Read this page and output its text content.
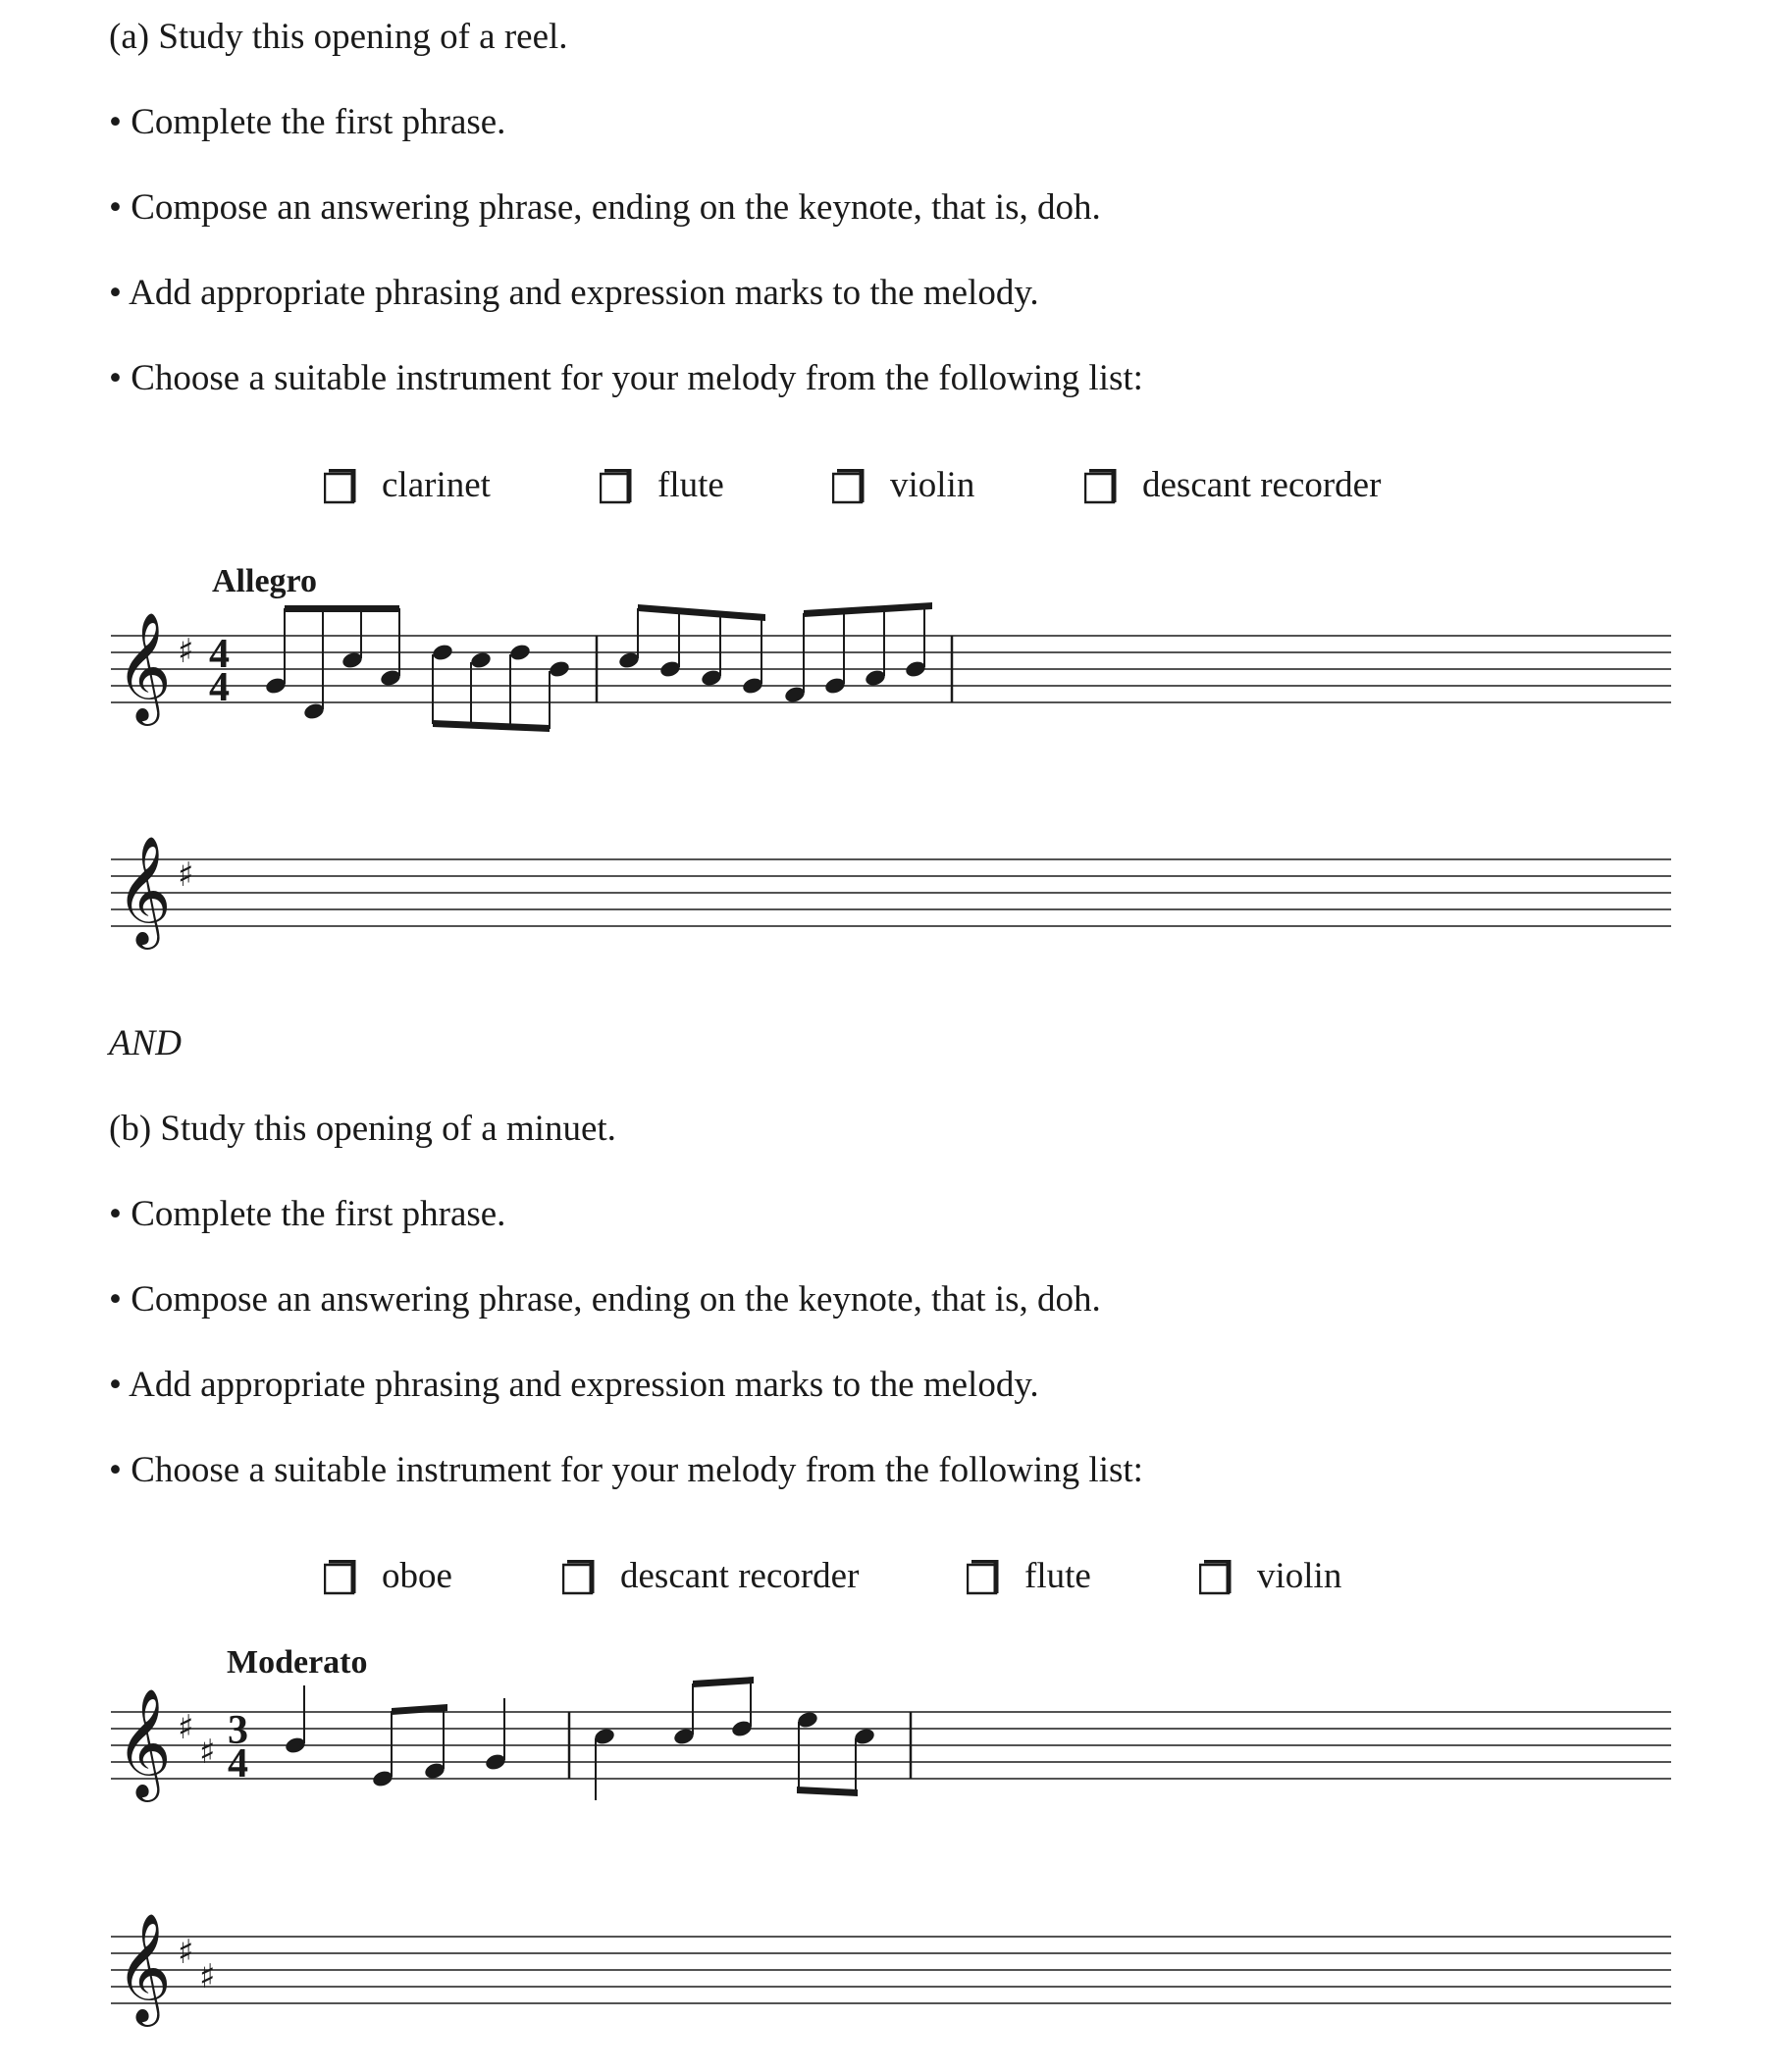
(a) Study this opening of a reel.
• Complete the first phrase.
• Compose an answering phrase, ending on the keynote, that is, doh.
• Add appropriate phrasing and expression marks to the melody.
• Choose a suitable instrument for your melody from the following list:
clarinet	flute	violin	descant recorder
Allegro
𝄞 ♯ 4
4
𝄞 ♯
AND
(b) Study this opening of a minuet.
• Complete the first phrase.
• Compose an answering phrase, ending on the keynote, that is, doh.
• Add appropriate phrasing and expression marks to the melody.
• Choose a suitable instrument for your melody from the following list:
oboe	descant recorder	flute	violin
Moderato
𝄞 ♯
♯ 3
4
𝄞 ♯
♯
